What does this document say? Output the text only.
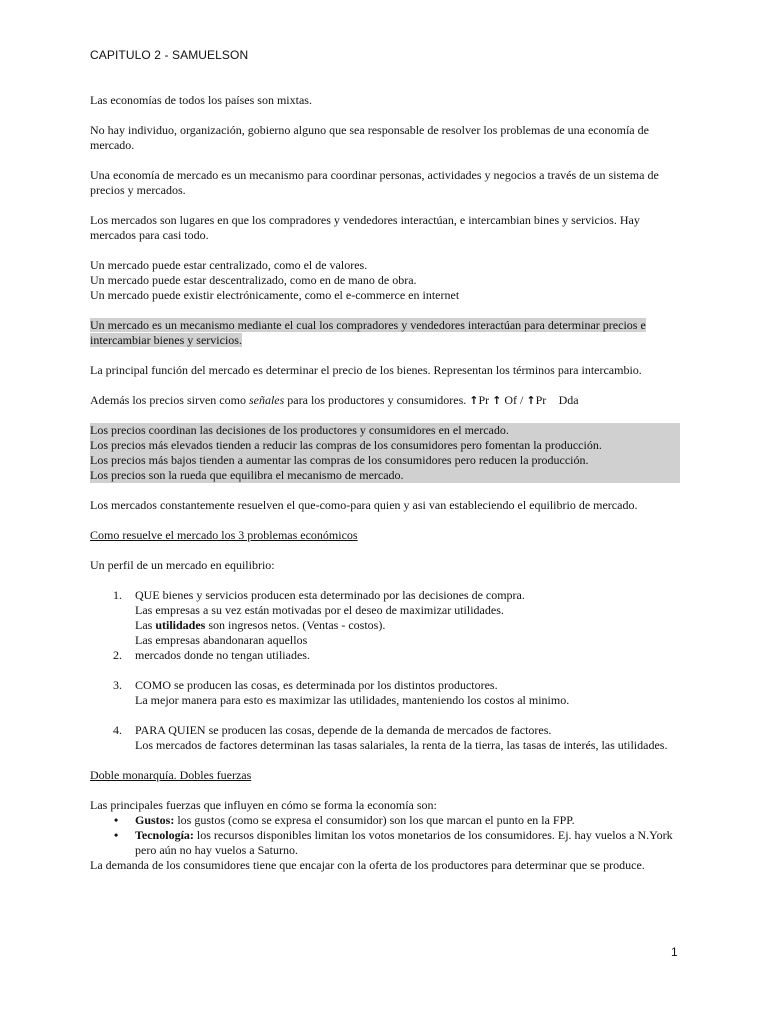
CAPITULO 2 - SAMUELSON

Las economías de todos los países son mixtas.

No hay individuo, organización, gobierno alguno que sea responsable de resolver los problemas de una economía de mercado.

Una economía de mercado es un mecanismo para coordinar personas, actividades y negocios a través de un sistema de precios y mercados.

Los mercados son lugares en que los compradores y vendedores interactúan, e intercambian bines y servicios. Hay mercados para casi todo.

Un mercado puede estar centralizado, como el de valores.
Un mercado puede estar descentralizado, como en de mano de obra.
Un mercado puede existir electrónicamente, como el e-commerce en internet

Un mercado es un mecanismo mediante el cual los compradores y vendedores interactúan para determinar precios e intercambiar bienes y servicios.

La principal función del mercado es determinar el precio de los bienes. Representan los términos para intercambio.

Además los precios sirven como señales para los productores y consumidores. ↑Pr ↑ Of / ↑Pr Dda

Los precios coordinan las decisiones de los productores y consumidores en el mercado.
Los precios más elevados tienden a reducir las compras de los consumidores pero fomentan la producción.
Los precios más bajos tienden a aumentar las compras de los consumidores pero reducen la producción.
Los precios son la rueda que equilibra el mecanismo de mercado.

Los mercados constantemente resuelven el que-como-para quien y asi van estableciendo el equilibrio de mercado.

Como resuelve el mercado los 3 problemas económicos

Un perfil de un mercado en equilibrio:

1. QUE bienes y servicios producen esta determinado por las decisiones de compra.
Las empresas a su vez están motivadas por el deseo de maximizar utilidades.
Las utilidades son ingresos netos. (Ventas - costos).
Las empresas abandonaran aquellos
2. mercados donde no tengan utiliades.
3. COMO se producen las cosas, es determinada por los distintos productores.
La mejor manera para esto es maximizar las utilidades, manteniendo los costos al minimo.
4. PARA QUIEN se producen las cosas, depende de la demanda de mercados de factores.
Los mercados de factores determinan las tasas salariales, la renta de la tierra, las tasas de interés, las utilidades.

Doble monarquía. Dobles fuerzas

Las principales fuerzas que influyen en cómo se forma la economía son:

• Gustos: los gustos (como se expresa el consumidor) son los que marcan el punto en la FPP.
• Tecnología: los recursos disponibles limitan los votos monetarios de los consumidores. Ej. hay vuelos a N.York pero aún no hay vuelos a Saturno.

La demanda de los consumidores tiene que encajar con la oferta de los productores para determinar que se produce.

1
